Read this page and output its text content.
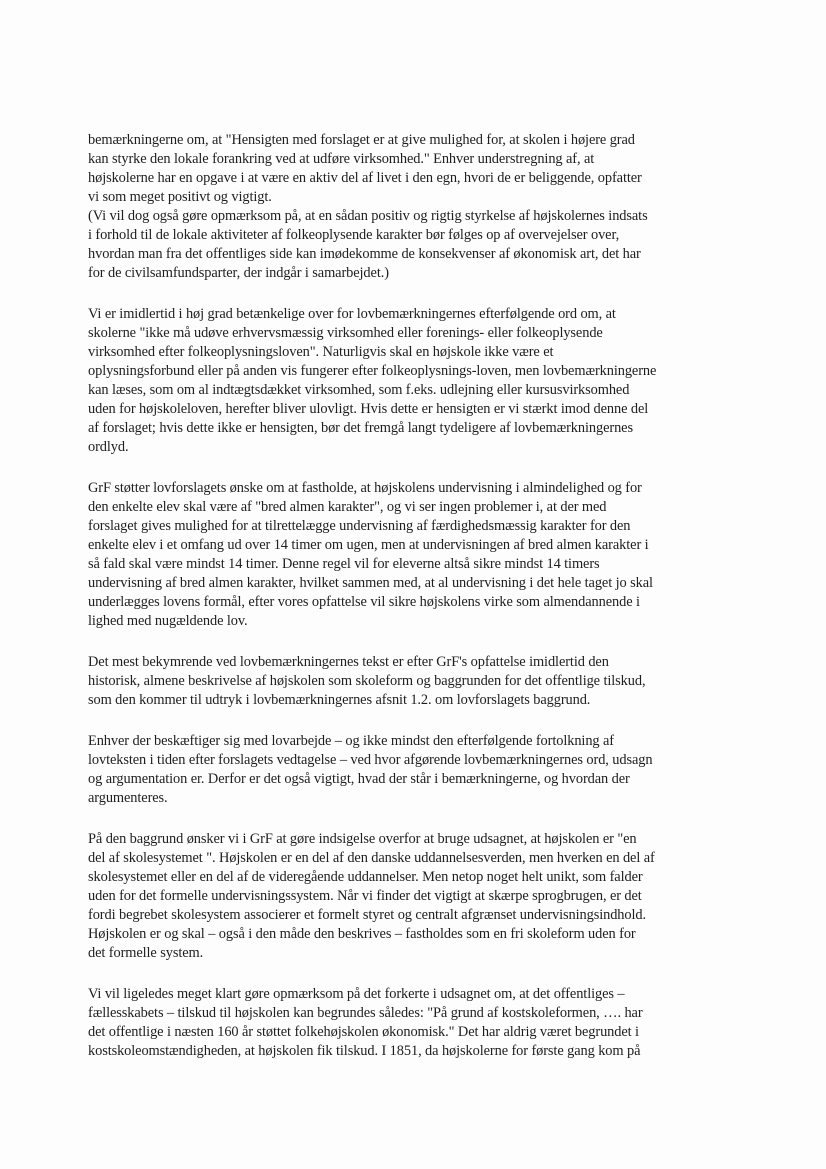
bemærkningerne om, at "Hensigten med forslaget er at give mulighed for, at skolen i højere grad
kan styrke den lokale forankring ved at udføre virksomhed." Enhver understregning af, at
højskolerne har en opgave i at være en aktiv del af livet i den egn, hvori de er beliggende, opfatter
vi som meget positivt og vigtigt.
(Vi vil dog også gøre opmærksom på, at en sådan positiv og rigtig styrkelse af højskolernes indsats
i forhold til de lokale aktiviteter af folkeoplysende karakter bør følges op af overvejelser over,
hvordan man fra det offentliges side kan imødekomme de konsekvenser af økonomisk art, det har
for de civilsamfundsparter, der indgår i samarbejdet.)

Vi er imidlertid i høj grad betænkelige over for lovbemærkningernes efterfølgende ord om, at
skolerne "ikke må udøve erhvervsmæssig virksomhed eller forenings- eller folkeoplysende
virksomhed efter folkeoplysningsloven". Naturligvis skal en højskole ikke være et
oplysningsforbund eller på anden vis fungerer efter folkeoplysnings-loven, men lovbemærkningerne
kan læses, som om al indtægtsdækket virksomhed, som f.eks. udlejning eller kursusvirksomhed
uden for højskoleloven, herefter bliver ulovligt. Hvis dette er hensigten er vi stærkt imod denne del
af forslaget; hvis dette ikke er hensigten, bør det fremgå langt tydeligere af lovbemærkningernes
ordlyd.

GrF støtter lovforslagets ønske om at fastholde, at højskolens undervisning i almindelighed og for
den enkelte elev skal være af "bred almen karakter", og vi ser ingen problemer i, at der med
forslaget gives mulighed for at tilrettelægge undervisning af færdighedsmæssig karakter for den
enkelte elev i et omfang ud over 14 timer om ugen, men at undervisningen af bred almen karakter i
så fald skal være mindst 14 timer. Denne regel vil for eleverne altså sikre mindst 14 timers
undervisning af bred almen karakter, hvilket sammen med, at al undervisning i det hele taget jo skal
underlægges lovens formål, efter vores opfattelse vil sikre højskolens virke som almendannende i
lighed med nugældende lov.

Det mest bekymrende ved lovbemærkningernes tekst er efter GrF's opfattelse imidlertid den
historisk, almene beskrivelse af højskolen som skoleform og baggrunden for det offentlige tilskud,
som den kommer til udtryk i lovbemærkningernes afsnit 1.2. om lovforslagets baggrund.

Enhver der beskæftiger sig med lovarbejde – og ikke mindst den efterfølgende fortolkning af
lovteksten i tiden efter forslagets vedtagelse – ved hvor afgørende lovbemærkningernes ord, udsagn
og argumentation er. Derfor er det også vigtigt, hvad der står i bemærkningerne, og hvordan der
argumenteres.

På den baggrund ønsker vi i GrF at gøre indsigelse overfor at bruge udsagnet, at højskolen er "en
del af skolesystemet ". Højskolen er en del af den danske uddannelsesverden, men hverken en del af
skolesystemet eller en del af de videregående uddannelser. Men netop noget helt unikt, som falder
uden for det formelle undervisningssystem. Når vi finder det vigtigt at skærpe sprogbrugen, er det
fordi begrebet skolesystem associerer et formelt styret og centralt afgrænset undervisningsindhold.
Højskolen er og skal – også i den måde den beskrives – fastholdes som en fri skoleform uden for
det formelle system.

Vi vil ligeledes meget klart gøre opmærksom på det forkerte i udsagnet om, at det offentliges –
fællesskabets – tilskud til højskolen kan begrundes således: "På grund af kostskoleformen, …. har
det offentlige i næsten 160 år støttet folkehøjskolen økonomisk." Det har aldrig været begrundet i
kostskoleomstændigheden, at højskolen fik tilskud. I 1851, da højskolerne for første gang kom på
